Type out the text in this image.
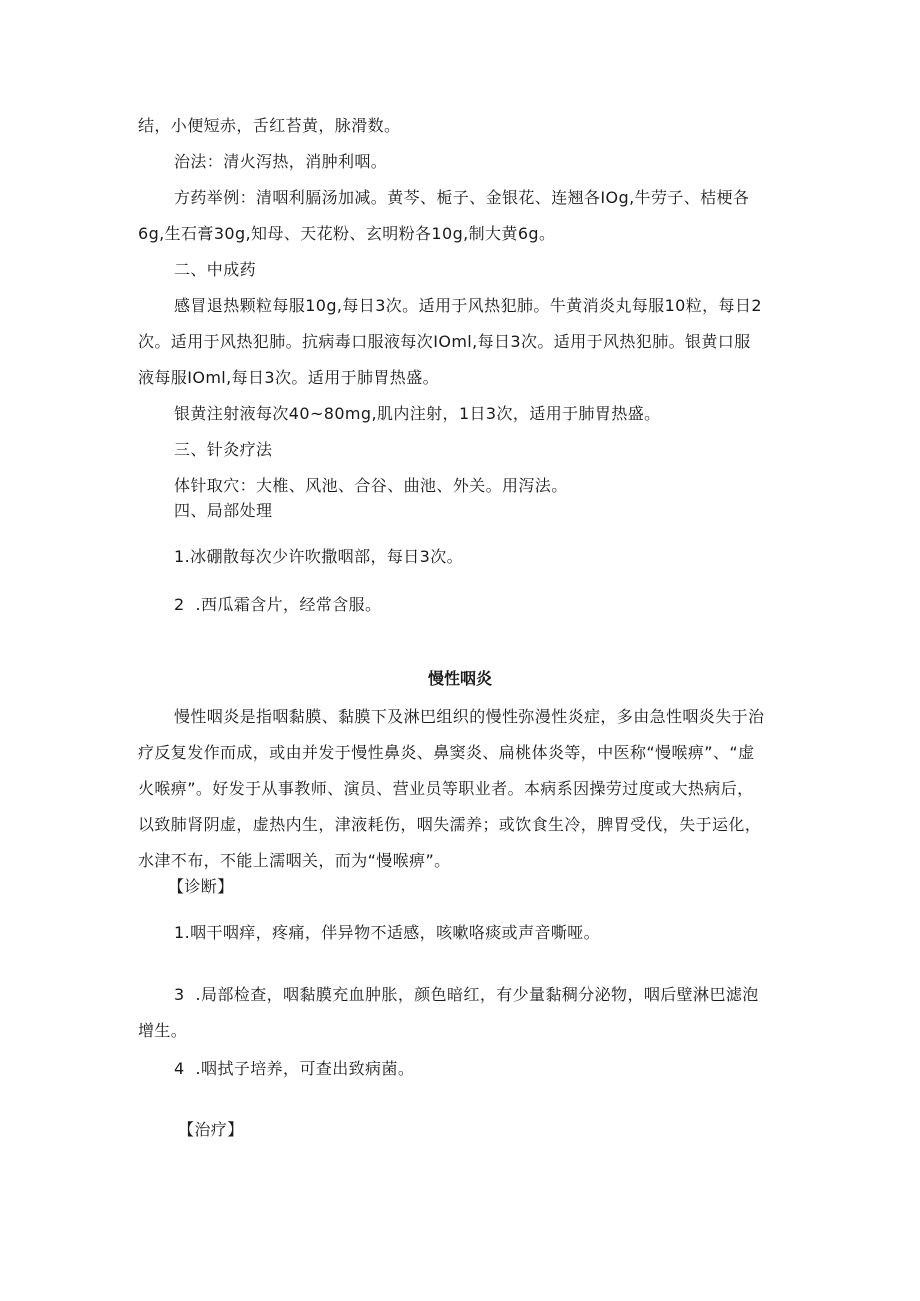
结，小便短赤，舌红苔黄，脉滑数。
治法：清火泻热，消肿利咽。
方药举例：清咽利膈汤加减。黄芩、栀子、金银花、连翘各IOg,牛劳子、桔梗各
6g,生石膏30g,知母、天花粉、玄明粉各10g,制大黄6g。
二、中成药
感冒退热颗粒每服10g,每日3次。适用于风热犯肺。牛黄消炎丸每服10粒，每日2
次。适用于风热犯肺。抗病毒口服液每次IOml,每日3次。适用于风热犯肺。银黄口服
液每服IOml,每日3次。适用于肺胃热盛。
银黄注射液每次40~80mg,肌内注射，1日3次，适用于肺胃热盛。
三、针灸疗法
体针取穴：大椎、风池、合谷、曲池、外关。用泻法。
四、局部处理
1.冰硼散每次少许吹撒咽部，每日3次。
2  .西瓜霜含片，经常含服。
慢性咽炎
慢性咽炎是指咽黏膜、黏膜下及淋巴组织的慢性弥漫性炎症，多由急性咽炎失于治
疗反复发作而成，或由并发于慢性鼻炎、鼻窦炎、扁桃体炎等，中医称“慢喉痹”、“虚
火喉痹”。好发于从事教师、演员、营业员等职业者。本病系因操劳过度或大热病后，
以致肺肾阴虚，虚热内生，津液耗伤，咽失濡养；或饮食生冷，脾胃受伐，失于运化，
水津不布，不能上濡咽关，而为“慢喉痹”。
【诊断】
1.咽干咽痒，疼痛，伴异物不适感，咳嗽咯痰或声音嘶哑。
3  .局部检查，咽黏膜充血肿胀，颜色暗红，有少量黏稠分泌物，咽后壁淋巴滤泡
增生。
4  .咽拭子培养，可查出致病菌。
【治疗】
